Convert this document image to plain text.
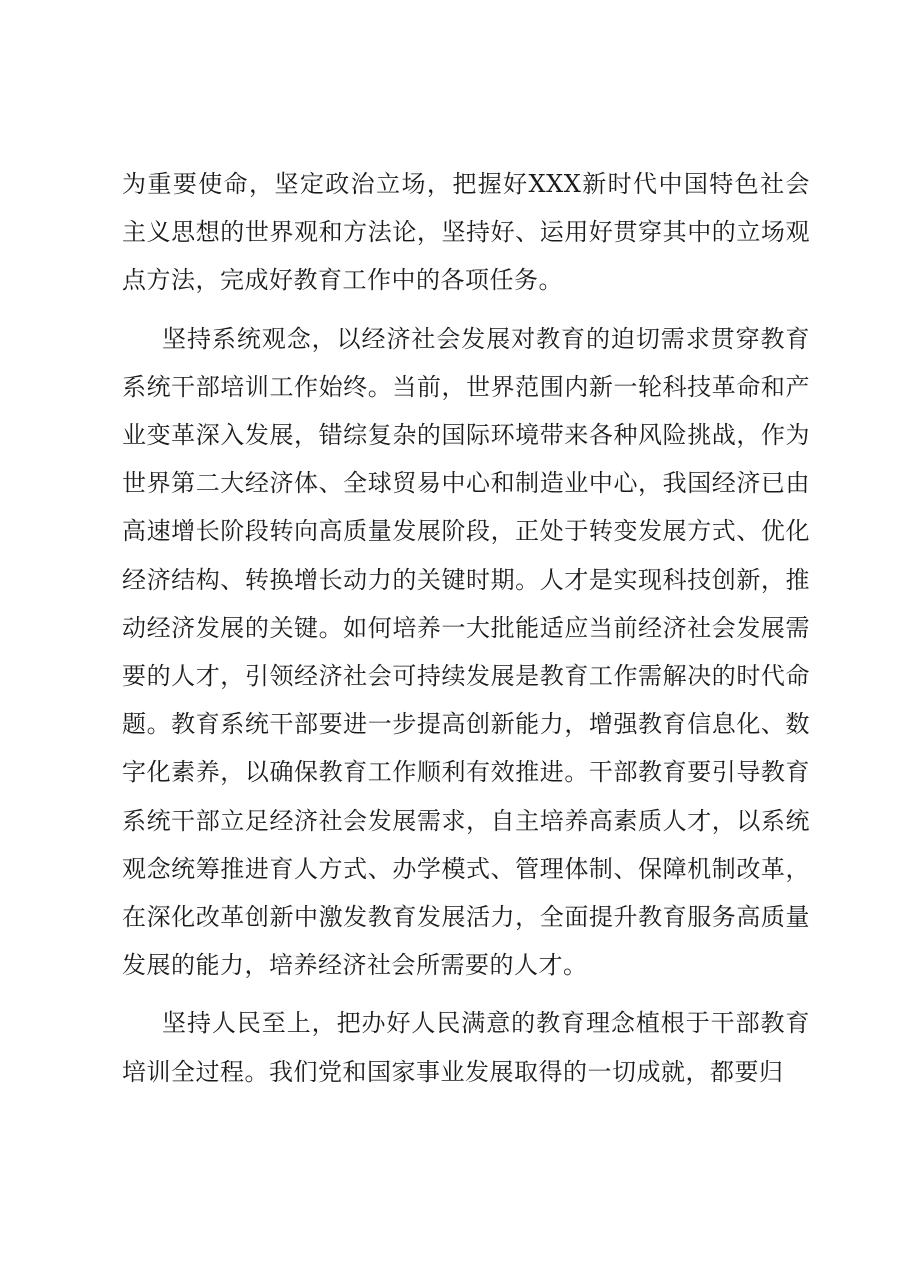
为重要使命，坚定政治立场，把握好XXX新时代中国特色社会主义思想的世界观和方法论，坚持好、运用好贯穿其中的立场观点方法，完成好教育工作中的各项任务。

坚持系统观念，以经济社会发展对教育的迫切需求贯穿教育系统干部培训工作始终。当前，世界范围内新一轮科技革命和产业变革深入发展，错综复杂的国际环境带来各种风险挑战，作为世界第二大经济体、全球贸易中心和制造业中心，我国经济已由高速增长阶段转向高质量发展阶段，正处于转变发展方式、优化经济结构、转换增长动力的关键时期。人才是实现科技创新，推动经济发展的关键。如何培养一大批能适应当前经济社会发展需要的人才，引领经济社会可持续发展是教育工作需解决的时代命题。教育系统干部要进一步提高创新能力，增强教育信息化、数字化素养，以确保教育工作顺利有效推进。干部教育要引导教育系统干部立足经济社会发展需求，自主培养高素质人才，以系统观念统筹推进育人方式、办学模式、管理体制、保障机制改革，在深化改革创新中激发教育发展活力，全面提升教育服务高质量发展的能力，培养经济社会所需要的人才。

坚持人民至上，把办好人民满意的教育理念植根于干部教育培训全过程。我们党和国家事业发展取得的一切成就，都要归
